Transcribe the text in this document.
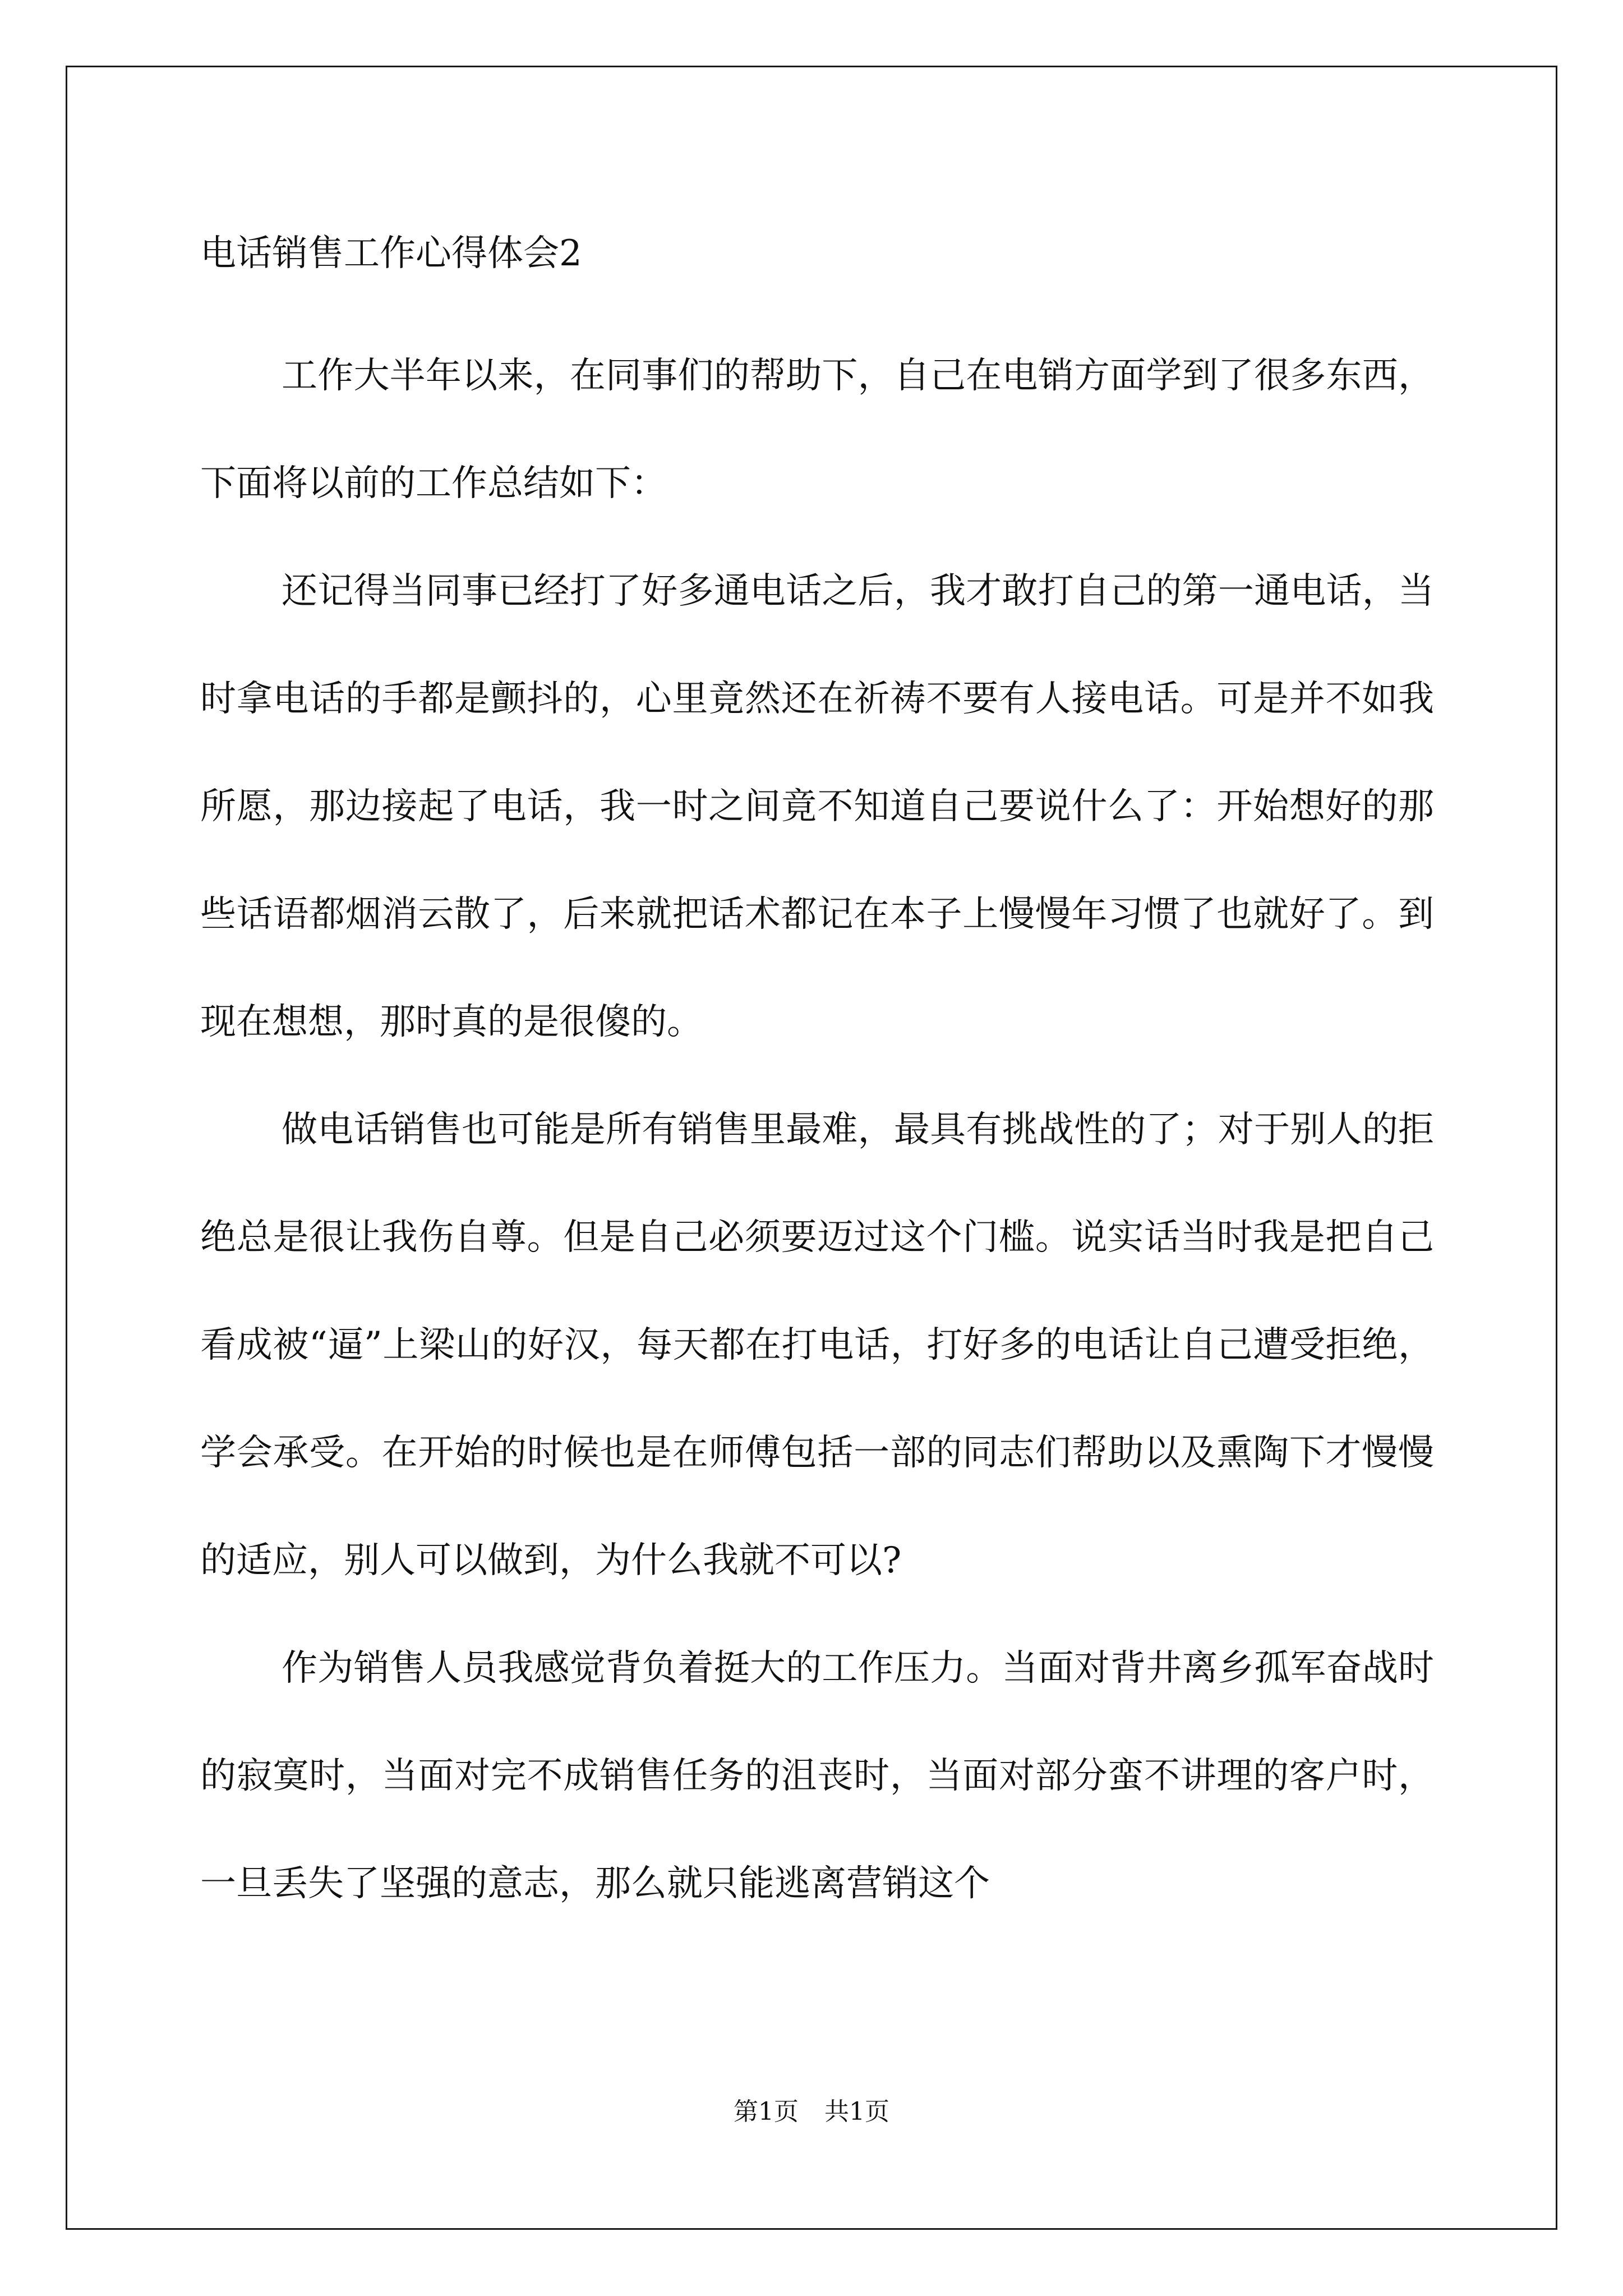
电话销售工作心得体会2

工作大半年以来，在同事们的帮助下，自己在电销方面学到了很多东西，下面将以前的工作总结如下：

还记得当同事已经打了好多通电话之后，我才敢打自己的第一通电话，当时拿电话的手都是颤抖的，心里竟然还在祈祷不要有人接电话。可是并不如我所愿，那边接起了电话，我一时之间竟不知道自己要说什么了：开始想好的那些话语都烟消云散了，后来就把话术都记在本子上慢慢年习惯了也就好了。到现在想想，那时真的是很傻的。

做电话销售也可能是所有销售里最难，最具有挑战性的了；对于别人的拒绝总是很让我伤自尊。但是自己必须要迈过这个门槛。说实话当时我是把自己看成被“逼”上梁山的好汉，每天都在打电话，打好多的电话让自己遭受拒绝，学会承受。在开始的时候也是在师傅包括一部的同志们帮助以及熏陶下才慢慢的适应，别人可以做到，为什么我就不可以?

作为销售人员我感觉背负着挺大的工作压力。当面对背井离乡孤军奋战时的寂寞时，当面对完不成销售任务的沮丧时，当面对部分蛮不讲理的客户时，一旦丢失了坚强的意志，那么就只能逃离营销这个

第1页 共1页
